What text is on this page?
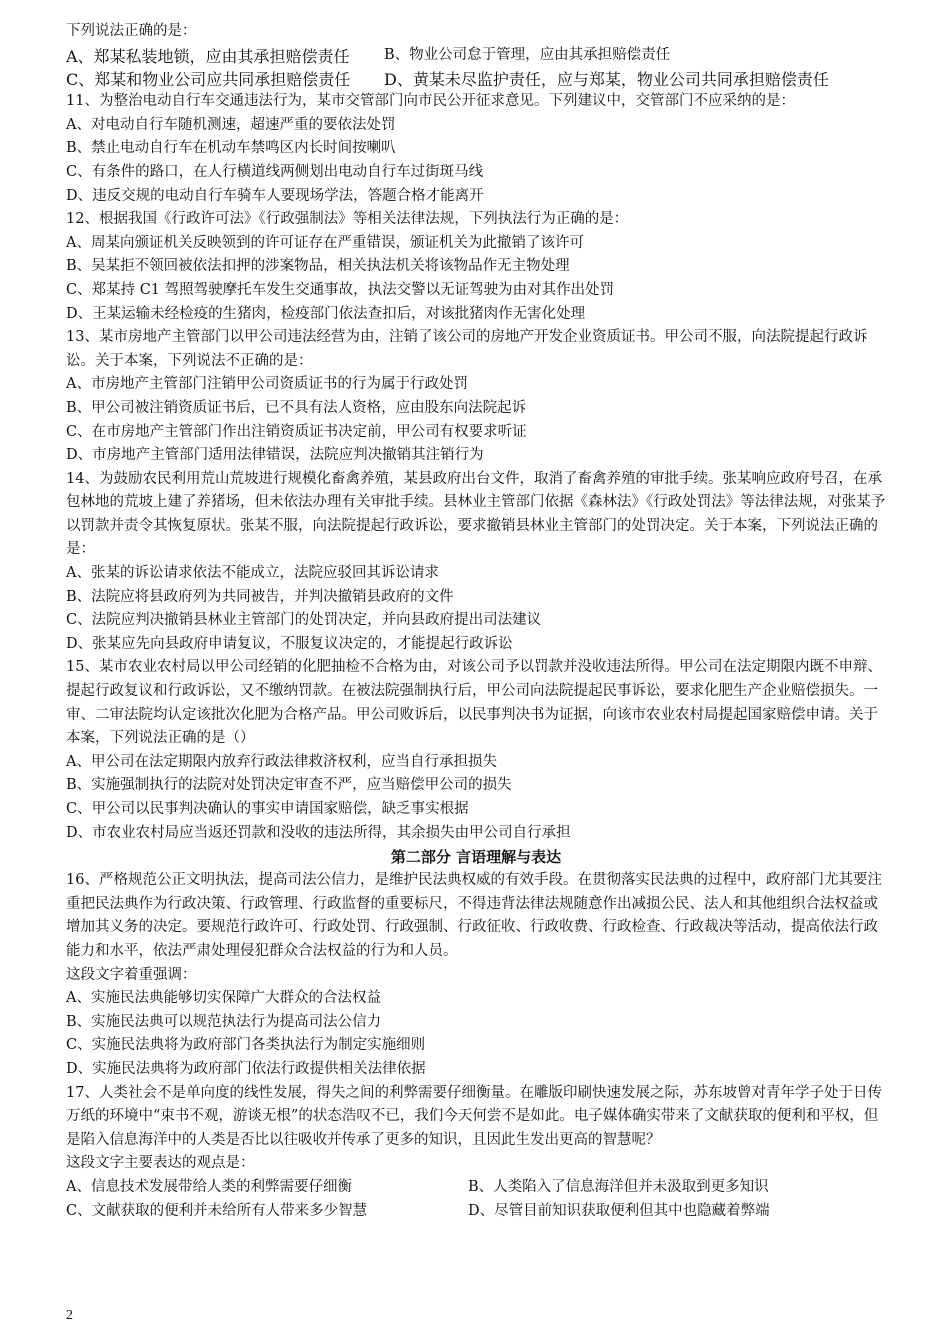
下列说法正确的是：
A、郑某私装地锁，应由其承担赔偿责任	B、物业公司怠于管理，应由其承担赔偿责任
C、郑某和物业公司应共同承担赔偿责任	D、黄某未尽监护责任，应与郑某，物业公司共同承担赔偿责任
11、为整治电动自行车交通违法行为，某市交管部门向市民公开征求意见。下列建议中，交管部门不应采纳的是：
A、对电动自行车随机测速，超速严重的要依法处罚
B、禁止电动自行车在机动车禁鸣区内长时间按喇叭
C、有条件的路口，在人行横道线两侧划出电动自行车过街斑马线
D、违反交规的电动自行车骑车人要现场学法，答题合格才能离开
12、根据我国《行政许可法》《行政强制法》等相关法律法规，下列执法行为正确的是：
A、周某向颁证机关反映领到的许可证存在严重错误，颁证机关为此撤销了该许可
B、吴某拒不领回被依法扣押的涉案物品，相关执法机关将该物品作无主物处理
C、郑某持 C1 驾照驾驶摩托车发生交通事故，执法交警以无证驾驶为由对其作出处罚
D、王某运输未经检疫的生猪肉，检疫部门依法查扣后，对该批猪肉作无害化处理
13、某市房地产主管部门以甲公司违法经营为由，注销了该公司的房地产开发企业资质证书。甲公司不服，向法院提起行政诉讼。关于本案，下列说法不正确的是：
A、市房地产主管部门注销甲公司资质证书的行为属于行政处罚
B、甲公司被注销资质证书后，已不具有法人资格，应由股东向法院起诉
C、在市房地产主管部门作出注销资质证书决定前，甲公司有权要求听证
D、市房地产主管部门适用法律错误，法院应判决撤销其注销行为
14、为鼓励农民利用荒山荒坡进行规模化畜禽养殖，某县政府出台文件，取消了畜禽养殖的审批手续。张某响应政府号召，在承包林地的荒坡上建了养猪场，但未依法办理有关审批手续。县林业主管部门依据《森林法》《行政处罚法》等法律法规，对张某予以罚款并责令其恢复原状。张某不服，向法院提起行政诉讼，要求撤销县林业主管部门的处罚决定。关于本案，下列说法正确的是：
A、张某的诉讼请求依法不能成立，法院应驳回其诉讼请求
B、法院应将县政府列为共同被告，并判决撤销县政府的文件
C、法院应判决撤销县林业主管部门的处罚决定，并向县政府提出司法建议
D、张某应先向县政府申请复议，不服复议决定的，才能提起行政诉讼
15、某市农业农村局以甲公司经销的化肥抽检不合格为由，对该公司予以罚款并没收违法所得。甲公司在法定期限内既不申辩、提起行政复议和行政诉讼，又不缴纳罚款。在被法院强制执行后，甲公司向法院提起民事诉讼，要求化肥生产企业赔偿损失。一审、二审法院均认定该批次化肥为合格产品。甲公司败诉后，以民事判决书为证据，向该市农业农村局提起国家赔偿申请。关于本案，下列说法正确的是（）
A、甲公司在法定期限内放弃行政法律救济权利，应当自行承担损失
B、实施强制执行的法院对处罚决定审查不严，应当赔偿甲公司的损失
C、甲公司以民事判决确认的事实申请国家赔偿，缺乏事实根据
D、市农业农村局应当返还罚款和没收的违法所得，其余损失由甲公司自行承担
第二部分 言语理解与表达
16、严格规范公正文明执法，提高司法公信力，是维护民法典权威的有效手段。在贯彻落实民法典的过程中，政府部门尤其要注重把民法典作为行政决策、行政管理、行政监督的重要标尺，不得违背法律法规随意作出减损公民、法人和其他组织合法权益或增加其义务的决定。要规范行政许可、行政处罚、行政强制、行政征收、行政收费、行政检查、行政裁决等活动，提高依法行政能力和水平，依法严肃处理侵犯群众合法权益的行为和人员。
这段文字着重强调：
A、实施民法典能够切实保障广大群众的合法权益
B、实施民法典可以规范执法行为提高司法公信力
C、实施民法典将为政府部门各类执法行为制定实施细则
D、实施民法典将为政府部门依法行政提供相关法律依据
17、人类社会不是单向度的线性发展，得失之间的利弊需要仔细衡量。在雕版印刷快速发展之际，苏东坡曾对青年学子处于日传万纸的环境中“束书不观，游谈无根”的状态浩叹不已，我们今天何尝不是如此。电子媒体确实带来了文献获取的便利和平权，但是陷入信息海洋中的人类是否比以往吸收并传承了更多的知识，且因此生发出更高的智慧呢？
这段文字主要表达的观点是：
A、信息技术发展带给人类的利弊需要仔细衡	B、人类陷入了信息海洋但并未汲取到更多知识
C、文献获取的便利并未给所有人带来多少智慧	D、尽管目前知识获取便利但其中也隐藏着弊端
2
